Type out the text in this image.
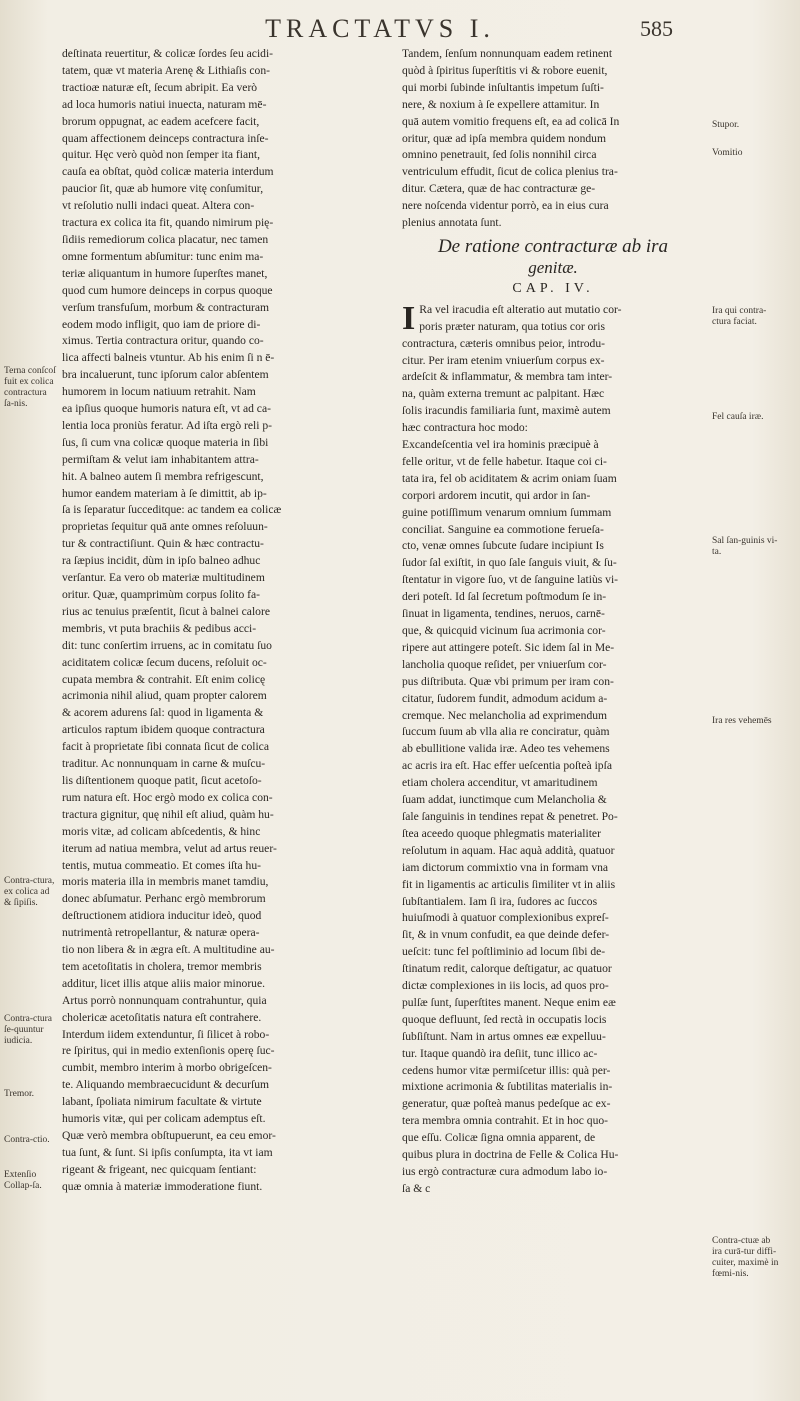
TRACTATVS I.	585
deſtinata reuertitur, & colicæ ſordes ſeu acidi-
tatem, quæ vt materia Arenę & Lithiaſis con-
tractioæ naturæ eſt, ſecum abripit. Ea verò
ad loca humoris natiui inuecta, naturam mē-
brorum oppugnat, ac eadem acefcere facit,
quam affectionem deinceps contractura inſe-
quitur. Hęc verò quòd non ſemper ita fiant,
cauſa ea obſtat, quòd colicæ materia interdum
paucior ſit, quæ ab humore vitę conſumitur,
vt reſolutio nulli indaci queat. Altera con-
tractura ex colica ita fit, quando nimirum pię-
ſidiis remediorum colica placatur, nec tamen
omne formentum abſumitur: tunc enim ma-
teriæ aliquantum in humore ſuperſtes manet,
quod cum humore deinceps in corpus quoque
verſum transfuſum, morbum & contracturam
eodem modo infligit, quo iam de priore di-
ximus. Tertia contractura oritur, quando co-
lica affecti balneis vtuntur. Ab his enim ſi n ē-
bra incaluerunt, tunc ipſorum calor abſentem
humorem in locum natiuum retrahit. Nam
ea ipſius quoque humoris natura eſt, vt ad ca-
lentia loca proniùs feratur. Ad iſta ergò reli p-
ſus, ſi cum vna colicæ quoque materia in ſibi
permiſtam & velut iam inhabitantem attra-
hit. A balneo autem ſi membra refrigescunt,
humor eandem materiam à ſe dimittit, ab ip-
ſa is ſeparatur ſucceditque: ac tandem ea colicæ
proprietas ſequitur quā ante omnes reſoluun-
tur & contractiſiunt. Quin & hæc contractu-
ra ſæpius incidit, dùm in ipſo balneo adhuc
verſantur. Ea vero ob materiæ multitudinem
oritur. Quæ, quamprimùm corpus ſolito fa-
rius ac tenuius præſentit, ſicut à balnei calore
membris, vt puta brachiis & pedibus acci-
dit: tunc conſertim irruens, ac in comitatu ſuo
aciditatem colicæ ſecum ducens, reſoluit oc-
cupata membra & contrahit. Eſt enim colicę
acrimonia nihil aliud, quam propter calorem
& acorem adurens ſal: quod in ligamenta &
articulos raptum ibidem quoque contractura
facit à proprietate ſibi connata ſicut de colica
traditur. Ac nonnunquam in carne & muſcu-
lis diſtentionem quoque patit, ſicut acetoſo-
rum natura eſt. Hoc ergò modo ex colica con-
tractura gignitur, quę nihil eſt aliud, quàm hu-
moris vitæ, ad colicam abſcedentis, & hinc
iterum ad natiua membra, velut ad artus reuer-
tentis, mutua commeatio. Et comes iſta hu-
moris materia illa in membris manet tamdiu,
donec abſumatur. Perhanc ergò membrorum
deſtructionem atidiora inducitur ideò, quod
nutrimentà retropellantur, & naturæ opera-
tio non libera & in ægra eſt. A multitudine au-
tem acetoſitatis in cholera, tremor membris
additur, licet illis atque aliis maior minorue.
Artus porrò nonnunquam contrahuntur, quia
cholericæ acetoſitatis natura eſt contrahere.
Interdum iidem extenduntur, ſi ſilicet à robo-
re ſpiritus, qui in medio extenſionis operę ſuc-
cumbit, membro interim à morbo obrigeſcen-
te. Aliquando membraecucidunt & decurſum
labant, ſpoliata nimirum facultate & virtute
humoris vitæ, qui per colicam ademptus eſt.
Quæ verò membra obſtupuerunt, ea ceu emor-
tua ſunt, & ſunt. Si ipſis conſumpta, ita vt iam
rigeant & frigeant, nec quicquam ſentiant:
quæ omnia à materiæ immoderatione fiunt.
Tandem, ſenſum nonnunquam eadem retinent
quòd à ſpiritus ſuperſtitis vi & robore euenit,
qui morbi ſubinde inſultantis impetum ſuſti-
nere, & noxium à ſe expellere attamitur. In
quā autem vomitio frequens eſt, ea ad colicā In
oritur, quæ ad ipſa membra quidem nondum
omnino penetrauit, ſed ſolis nonnihil circa
ventriculum effudit, ſicut de colica plenius tra-
ditur. Cætera, quæ de hac contracturæ ge-
nere noſcenda videntur porrò, ea in eius cura
plenius annotata ſunt.
De ratione contracturæ ab ira
genitæ.
CAP. IV.
I Ra vel iracudia eſt alteratio aut mutatio cor-
poris præter naturam, qua totius cor oris
contractura, cæteris omnibus peior, introdu-
citur. Per iram etenim vniuerſum corpus ex-
ardeſcit & inflammatur, & membra tam inter-
na, quàm externa tremunt ac palpitant. Hæc
ſolis iracundis familiaria ſunt, maximè autem
hæc contractura hoc modo:
Excandeſcentia vel ira hominis præcipuè à
felle oritur, vt de felle habetur. Itaque coi ci-
tata ira, fel ob aciditatem & acrim oniam ſuam
corpori ardorem incutit, qui ardor in ſan-
guine potiſſimum venarum omnium ſummam
conciliat. Sanguine ea commotione ferueſa-
cto, venæ omnes ſubcute ſudare incipiunt Is
ſudor ſal exiſtit, in quo ſale ſanguis viuit, & ſu-
ſtentatur in vigore ſuo, vt de ſanguine latiùs vi-
deri poteſt. Id ſal ſecretum poſtmodum ſe in-
ſinuat in ligamenta, tendines, neruos, carnē-
que, & quicquid vicinum ſua acrimonia cor-
ripere aut attingere poteſt. Sic idem ſal in Me-
lancholia quoque reſidet, per vniuerſum cor-
pus diſtributa. Quæ vbi primum per iram con-
citatur, ſudorem fundit, admodum acidum a-
cremque. Nec melancholia ad exprimendum
ſuccum ſuum ab vlla alia re conciratur, quàm
ab ebullitione valida iræ. Adeo tes vehemens
ac acris ira eſt. Hac effer ueſcentia poſteà ipſa
etiam cholera accenditur, vt amaritudinem
ſuam addat, iunctimque cum Melancholia &
ſale ſanguinis in tendines repat & penetret. Po-
ſtea aceedo quoque phlegmatis materialiter
reſolutum in aquam. Hac aquà addità, quatuor
iam dictorum commixtio vna in formam vna
fit in ligamentis ac articulis ſimiliter vt in aliis
ſubſtantialem. Iam ſi ira, ſudores ac ſuccos
huiuſmodi à quatuor complexionibus expreſ-
ſit, & in vnum confudit, ea que deinde defer-
ueſcit: tunc fel poſtliminio ad locum ſibi de-
ſtinatum redit, calorque deſtigatur, ac quatuor
dictæ complexiones in iis locis, ad quos pro-
pulſæ ſunt, ſuperſtites manent. Neque enim eæ
quoque defluunt, ſed rectà in occupatis locis
ſubſiſtunt. Nam in artus omnes eæ expelluu-
tur. Itaque quandò ira deſiit, tunc illico ac-
cedens humor vitæ permiſcetur illis: quà per-
mixtione acrimonia & ſubtilitas materialis in-
generatur, quæ poſteà manus pedeſque ac ex-
tera membra omnia contrahit. Et in hoc quo-
que eſſu. Colicæ ſigna omnia apparent, de
quibus plura in doctrina de Felle & Colica Hu-
ius ergò contracturæ cura admodum labo io-
ſa & c
Terna conſcoſ fuit ex colica contractura ſa-nis.
Contra-ctura, ex colica ad & ſipiſis.
Contra-ctura ſe-quuntur iudicia.
Tremor.
Contra-ctio.
Extenſio Collap-ſa.
Stupor.
Vomitio
Ira qui contra-ctura faciat.
Fel cauſa iræ.
Sal ſan-guinis vi-ta.
Ira res vehemēs
Contra-ctuæ ab ira curā-tur diffi-cuiter, maximè in fœmi-nis.
